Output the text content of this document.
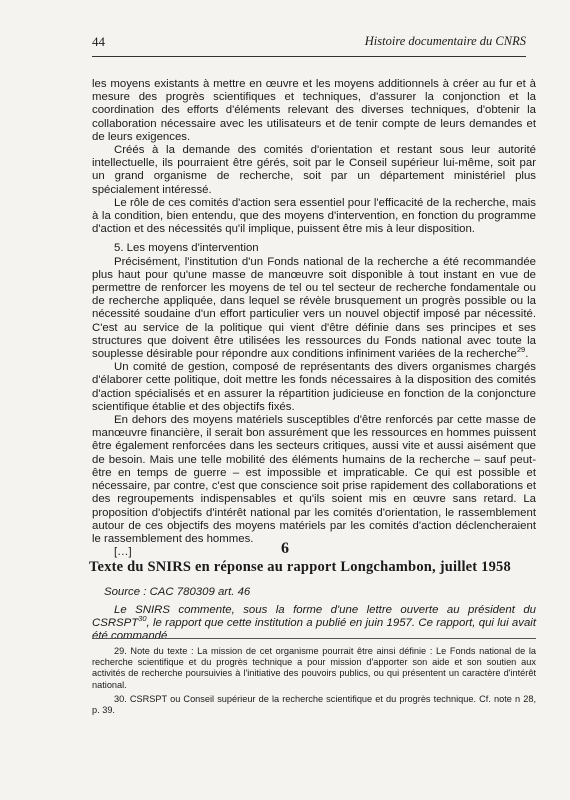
44	Histoire documentaire du CNRS

les moyens existants à mettre en œuvre et les moyens additionnels à créer au fur et à mesure des progrès scientifiques et techniques, d'assurer la conjonction et la coordination des efforts d'éléments relevant des diverses techniques, d'obtenir la collaboration nécessaire avec les utilisateurs et de tenir compte de leurs demandes et de leurs exigences.

Créés à la demande des comités d'orientation et restant sous leur autorité intellectuelle, ils pourraient être gérés, soit par le Conseil supérieur lui-même, soit par un grand organisme de recherche, soit par un département ministériel plus spécialement intéressé.

Le rôle de ces comités d'action sera essentiel pour l'efficacité de la recherche, mais à la condition, bien entendu, que des moyens d'intervention, en fonction du programme d'action et des nécessités qu'il implique, puissent être mis à leur disposition.

5. Les moyens d'intervention

Précisément, l'institution d'un Fonds national de la recherche a été recommandée plus haut pour qu'une masse de manœuvre soit disponible à tout instant en vue de permettre de renforcer les moyens de tel ou tel secteur de recherche fondamentale ou de recherche appliquée, dans lequel se révèle brusquement un progrès possible ou la nécessité soudaine d'un effort particulier vers un nouvel objectif imposé par nécessité. C'est au service de la politique qui vient d'être définie dans ses principes et ses structures que doivent être utilisées les ressources du Fonds national avec toute la souplesse désirable pour répondre aux conditions infiniment variées de la recherche$^{29}$.

Un comité de gestion, composé de représentants des divers organismes chargés d'élaborer cette politique, doit mettre les fonds nécessaires à la disposition des comités d'action spécialisés et en assurer la répartition judicieuse en fonction de la conjoncture scientifique établie et des objectifs fixés.

En dehors des moyens matériels susceptibles d'être renforcés par cette masse de manœuvre financière, il serait bon assurément que les ressources en hommes puissent être également renforcées dans les secteurs critiques, aussi vite et aussi aisément que de besoin. Mais une telle mobilité des éléments humains de la recherche – sauf peut-être en temps de guerre – est impossible et impraticable. Ce qui est possible et nécessaire, par contre, c'est que conscience soit prise rapidement des collaborations et des regroupements indispensables et qu'ils soient mis en œuvre sans retard. La proposition d'objectifs d'intérêt national par les comités d'orientation, le rassemblement autour de ces objectifs des moyens matériels par les comités d'action déclencheraient le rassemblement des hommes.

[…]	6
Texte du SNIRS en réponse au rapport Longchambon, juillet 1958
Source : CAC 780309 art. 46

Le SNIRS commente, sous la forme d'une lettre ouverte au président du CSRSPT$^{30}$, le rapport que cette institution a publié en juin 1957. Ce rapport, qui lui avait été commandé

29. Note du texte : La mission de cet organisme pourrait être ainsi définie : Le Fonds national de la recherche scientifique et du progrès technique a pour mission d'apporter son aide et son soutien aux activités de recherche poursuivies à l'initiative des pouvoirs publics, ou qui présentent un caractère d'intérêt national.

30. CSRSPT ou Conseil supérieur de la recherche scientifique et du progrès technique. Cf. note n 28, p. 39.
